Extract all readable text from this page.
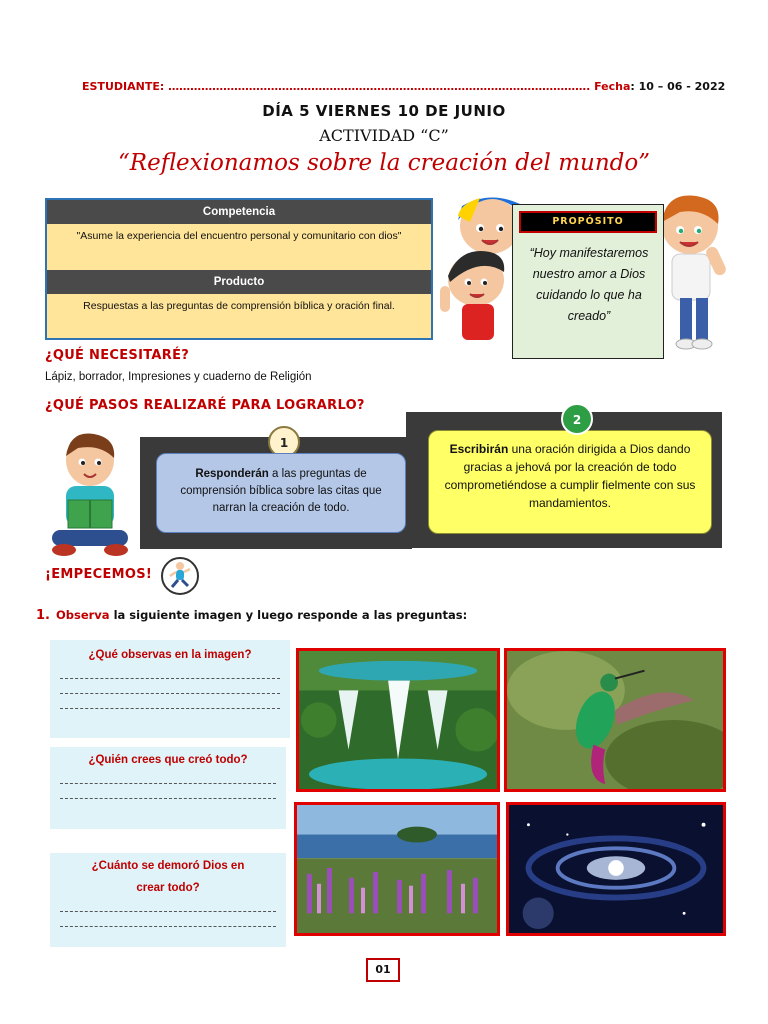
ESTUDIANTE: ……………………………………………………………………………………………………. Fecha: 10 – 06 - 2022
DÍA 5 VIERNES 10 DE JUNIO
ACTIVIDAD “C”
“Reflexionamos sobre la creación del mundo”
Competencia
"Asume la experiencia del encuentro personal y comunitario con dios"
Producto
Respuestas a las preguntas de comprensión bíblica y oración final.
PROPÓSITO
“Hoy manifestaremos nuestro amor a Dios cuidando lo que ha creado”
¿QUÉ NECESITARÉ?
Lápiz, borrador, Impresiones y cuaderno de Religión
¿QUÉ PASOS REALIZARÉ PARA LOGRARLO?
1
Responderán a las preguntas de comprensión bíblica sobre las citas que narran la creación de todo.
Escribirán una oración dirigida a Dios dando gracias a jehová por la creación de todo comprometiéndose a cumplir fielmente con sus mandamientos.
2
¡EMPECEMOS!
1. Observa la siguiente imagen y luego responde a las preguntas:
¿Qué observas en la imagen?
¿Quién crees que creó todo?
¿Cuánto se demoró Dios en crear todo?
01
